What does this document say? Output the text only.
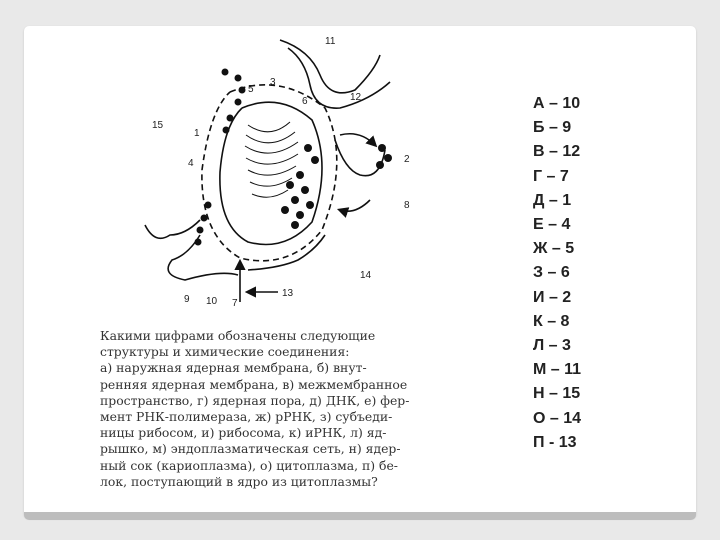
11
12
3
5
6
15
1
4	2
8
14
9 10 7
13

Какими цифрами обозначены следующие

структуры и химические соединения:

а) наружная ядерная мембрана, б) внут-

ренняя ядерная мембрана, в) межмембранное

пространство, г) ядерная пора, д) ДНК, е) фер-

мент РНК-полимераза, ж) рРНК, з) субъеди-

ницы рибосом, и) рибосома, к) иРНК, л) яд-

рышко, м) эндоплазматическая сеть, н) ядер-

ный сок (кариоплазма), о) цитоплазма, п) бе-

лок, поступающий в ядро из цитоплазмы?

А – 10
Б – 9
В – 12
Г – 7
Д – 1
Е – 4
Ж – 5
З – 6
И – 2
К – 8
Л – 3
М – 11
Н – 15
О – 14
П - 13
